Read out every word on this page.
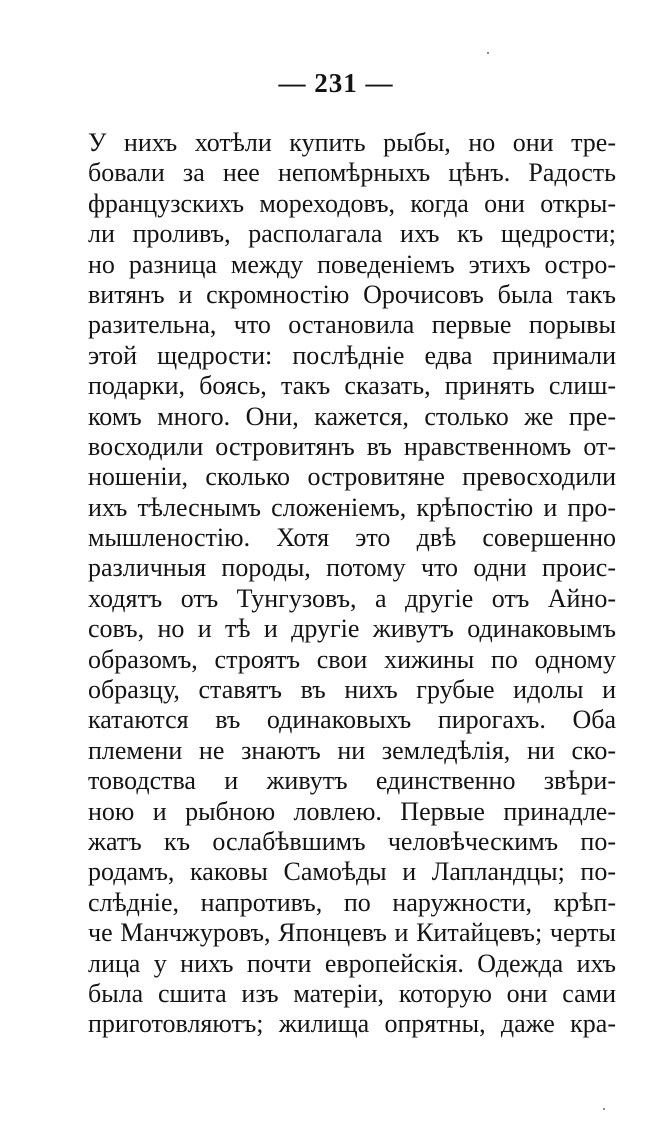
— 231 —
У нихъ хотѣли купить рыбы, но они тре-
бовали за нее непомѣрныхъ цѣнъ. Радость
французскихъ мореходовъ, когда они откры-
ли проливъ, располагала ихъ къ щедрости;
но разница между поведеніемъ этихъ остро-
витянъ и скромностію Орочисовъ была такъ
разительна, что остановила первые порывы
этой щедрости: послѣдніе едва принимали
подарки, боясь, такъ сказать, принять слиш-
комъ много. Они, кажется, столько же пре-
восходили островитянъ въ нравственномъ от-
ношеніи, сколько островитяне превосходили
ихъ тѣлеснымъ сложеніемъ, крѣпостію и про-
мышленостію. Хотя это двѣ совершенно
различныя породы, потому что одни проис-
ходятъ отъ Тунгузовъ, а другіе отъ Айно-
совъ, но и тѣ и другіе живутъ одинаковымъ
образомъ, строятъ свои хижины по одному
образцу, ставятъ въ нихъ грубые идолы и
катаются въ одинаковыхъ пирогахъ. Оба
племени не знаютъ ни земледѣлія, ни ско-
товодства и живутъ единственно звѣри-
ною и рыбною ловлею. Первые принадле-
жатъ къ ослабѣвшимъ человѣческимъ по-
родамъ, каковы Самоѣды и Лапландцы; по-
слѣдніе, напротивъ, по наружности, крѣп-
че Манчжуровъ, Японцевъ и Китайцевъ; черты
лица у нихъ почти европейскія. Одежда ихъ
была сшита изъ матеріи, которую они сами
приготовляютъ; жилища опрятны, даже кра-
